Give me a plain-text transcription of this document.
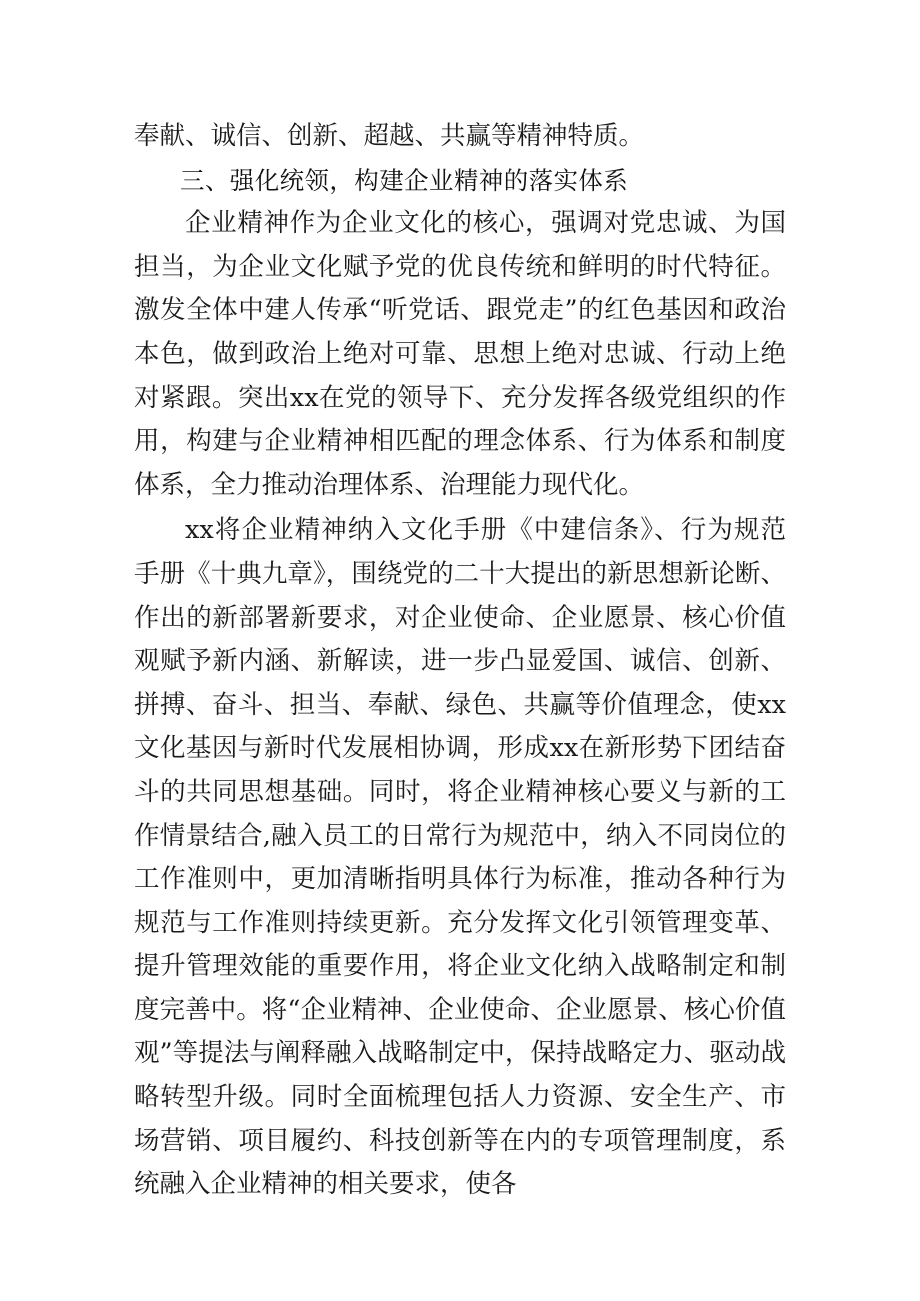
奉献、诚信、创新、超越、共赢等精神特质。

三、强化统领，构建企业精神的落实体系

企业精神作为企业文化的核心，强调对党忠诚、为国担当，为企业文化赋予党的优良传统和鲜明的时代特征。激发全体中建人传承“听党话、跟党走”的红色基因和政治本色，做到政治上绝对可靠、思想上绝对忠诚、行动上绝对紧跟。突出xx在党的领导下、充分发挥各级党组织的作用，构建与企业精神相匹配的理念体系、行为体系和制度体系，全力推动治理体系、治理能力现代化。

xx将企业精神纳入文化手册《中建信条》、行为规范手册《十典九章》，围绕党的二十大提出的新思想新论断、作出的新部署新要求，对企业使命、企业愿景、核心价值观赋予新内涵、新解读，进一步凸显爱国、诚信、创新、拼搏、奋斗、担当、奉献、绿色、共赢等价值理念，使xx文化基因与新时代发展相协调，形成xx在新形势下团结奋斗的共同思想基础。同时，将企业精神核心要义与新的工作情景结合,融入员工的日常行为规范中，纳入不同岗位的工作准则中，更加清晰指明具体行为标准，推动各种行为规范与工作准则持续更新。充分发挥文化引领管理变革、提升管理效能的重要作用，将企业文化纳入战略制定和制度完善中。将“企业精神、企业使命、企业愿景、核心价值观”等提法与阐释融入战略制定中，保持战略定力、驱动战略转型升级。同时全面梳理包括人力资源、安全生产、市场营销、项目履约、科技创新等在内的专项管理制度，系统融入企业精神的相关要求，使各
